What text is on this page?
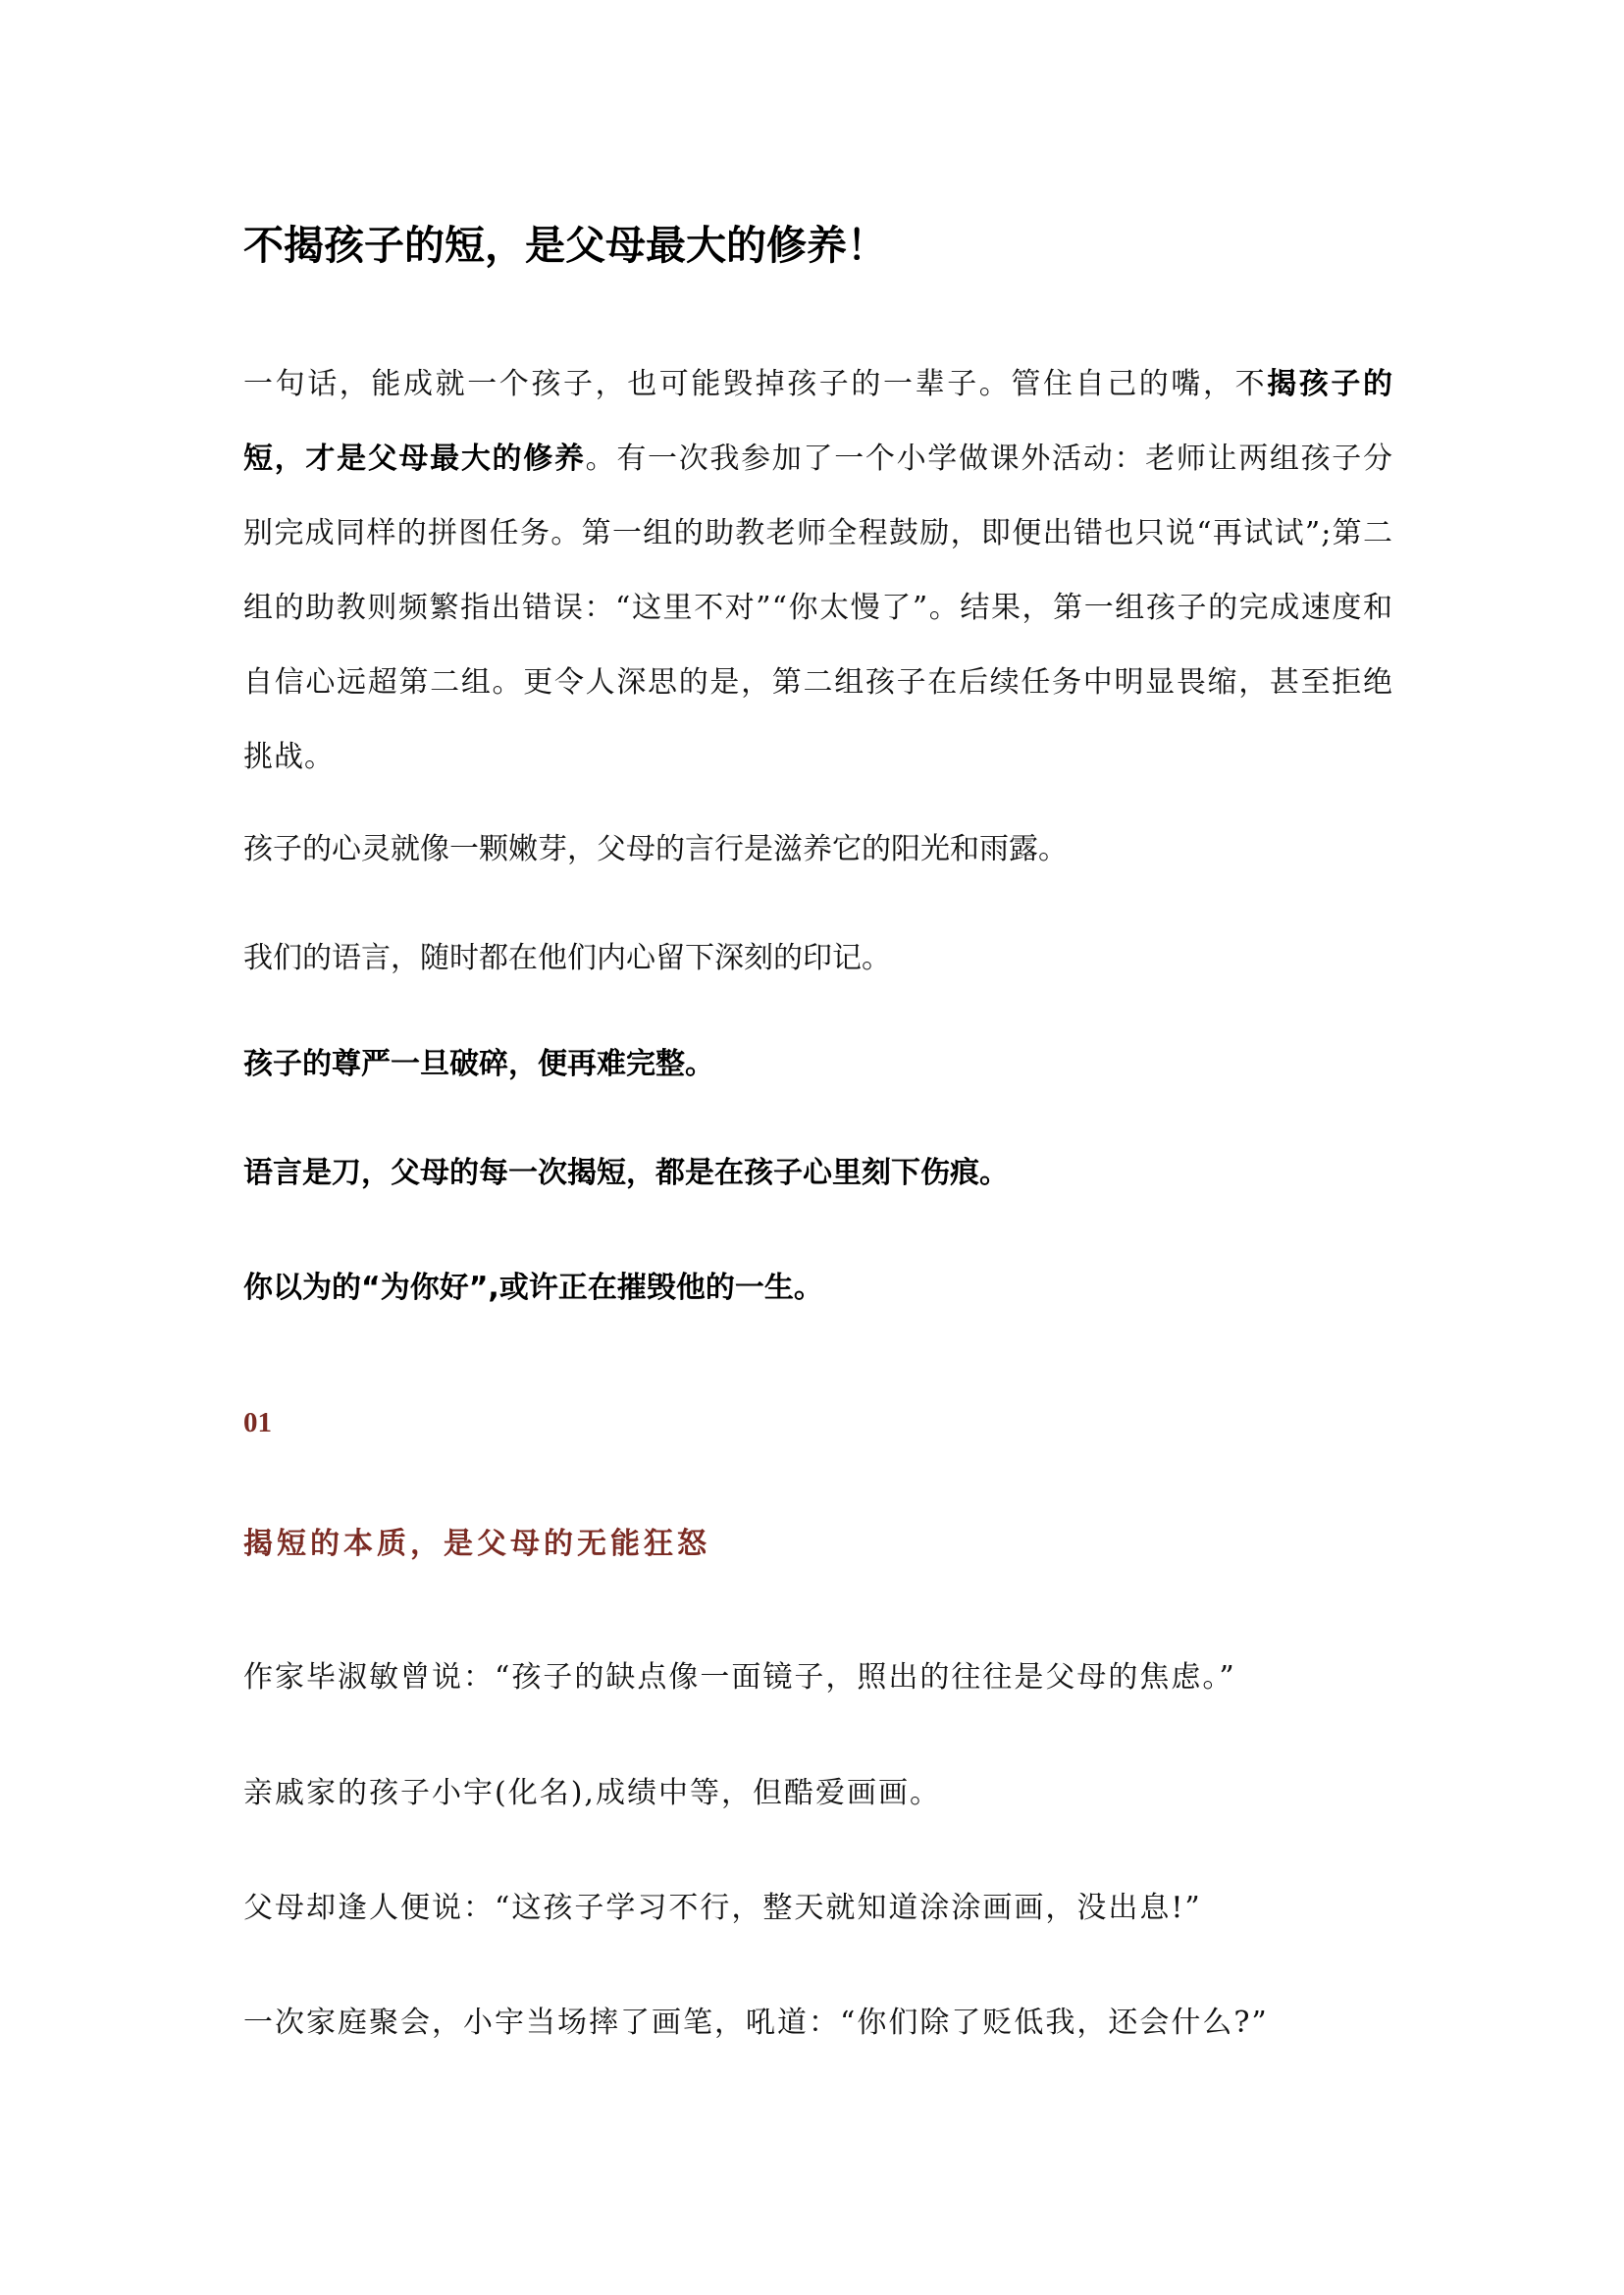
不揭孩子的短，是父母最大的修养！

一句话，能成就一个孩子，也可能毁掉孩子的一辈子。管住自己的嘴，不揭孩子的短，才是父母最大的修养。有一次我参加了一个小学做课外活动：老师让两组孩子分别完成同样的拼图任务。第一组的助教老师全程鼓励，即便出错也只说“再试试”;第二组的助教则频繁指出错误：“这里不对”“你太慢了”。结果，第一组孩子的完成速度和自信心远超第二组。更令人深思的是，第二组孩子在后续任务中明显畏缩，甚至拒绝挑战。

孩子的心灵就像一颗嫩芽，父母的言行是滋养它的阳光和雨露。

我们的语言，随时都在他们内心留下深刻的印记。

孩子的尊严一旦破碎，便再难完整。

语言是刀，父母的每一次揭短，都是在孩子心里刻下伤痕。

你以为的“为你好”,或许正在摧毁他的一生。

01
揭短的本质，是父母的无能狂怒

作家毕淑敏曾说：“孩子的缺点像一面镜子，照出的往往是父母的焦虑。”

亲戚家的孩子小宇(化名),成绩中等，但酷爱画画。

父母却逢人便说：“这孩子学习不行，整天就知道涂涂画画，没出息!”

一次家庭聚会，小宇当场摔了画笔，吼道：“你们除了贬低我，还会什么?”
